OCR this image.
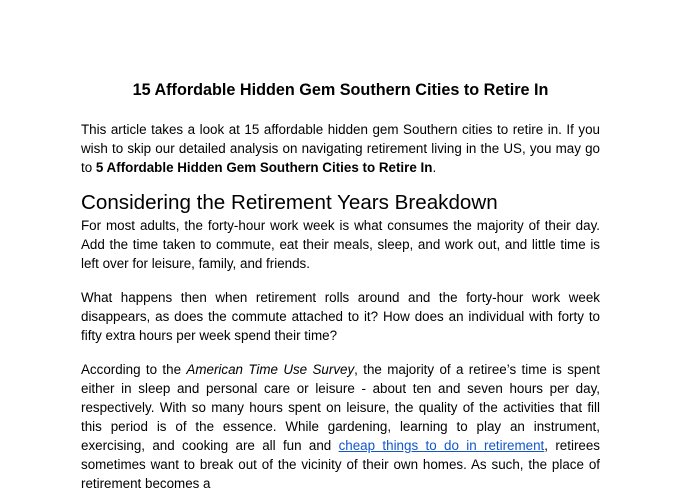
15 Affordable Hidden Gem Southern Cities to Retire In

This article takes a look at 15 affordable hidden gem Southern cities to retire in. If you wish to skip our detailed analysis on navigating retirement living in the US, you may go to 5 Affordable Hidden Gem Southern Cities to Retire In.

Considering the Retirement Years Breakdown

For most adults, the forty-hour work week is what consumes the majority of their day. Add the time taken to commute, eat their meals, sleep, and work out, and little time is left over for leisure, family, and friends.

What happens then when retirement rolls around and the forty-hour work week disappears, as does the commute attached to it? How does an individual with forty to fifty extra hours per week spend their time?

According to the American Time Use Survey, the majority of a retiree’s time is spent either in sleep and personal care or leisure - about ten and seven hours per day, respectively. With so many hours spent on leisure, the quality of the activities that fill this period is of the essence. While gardening, learning to play an instrument, exercising, and cooking are all fun and cheap things to do in retirement, retirees sometimes want to break out of the vicinity of their own homes. As such, the place of retirement becomes a
